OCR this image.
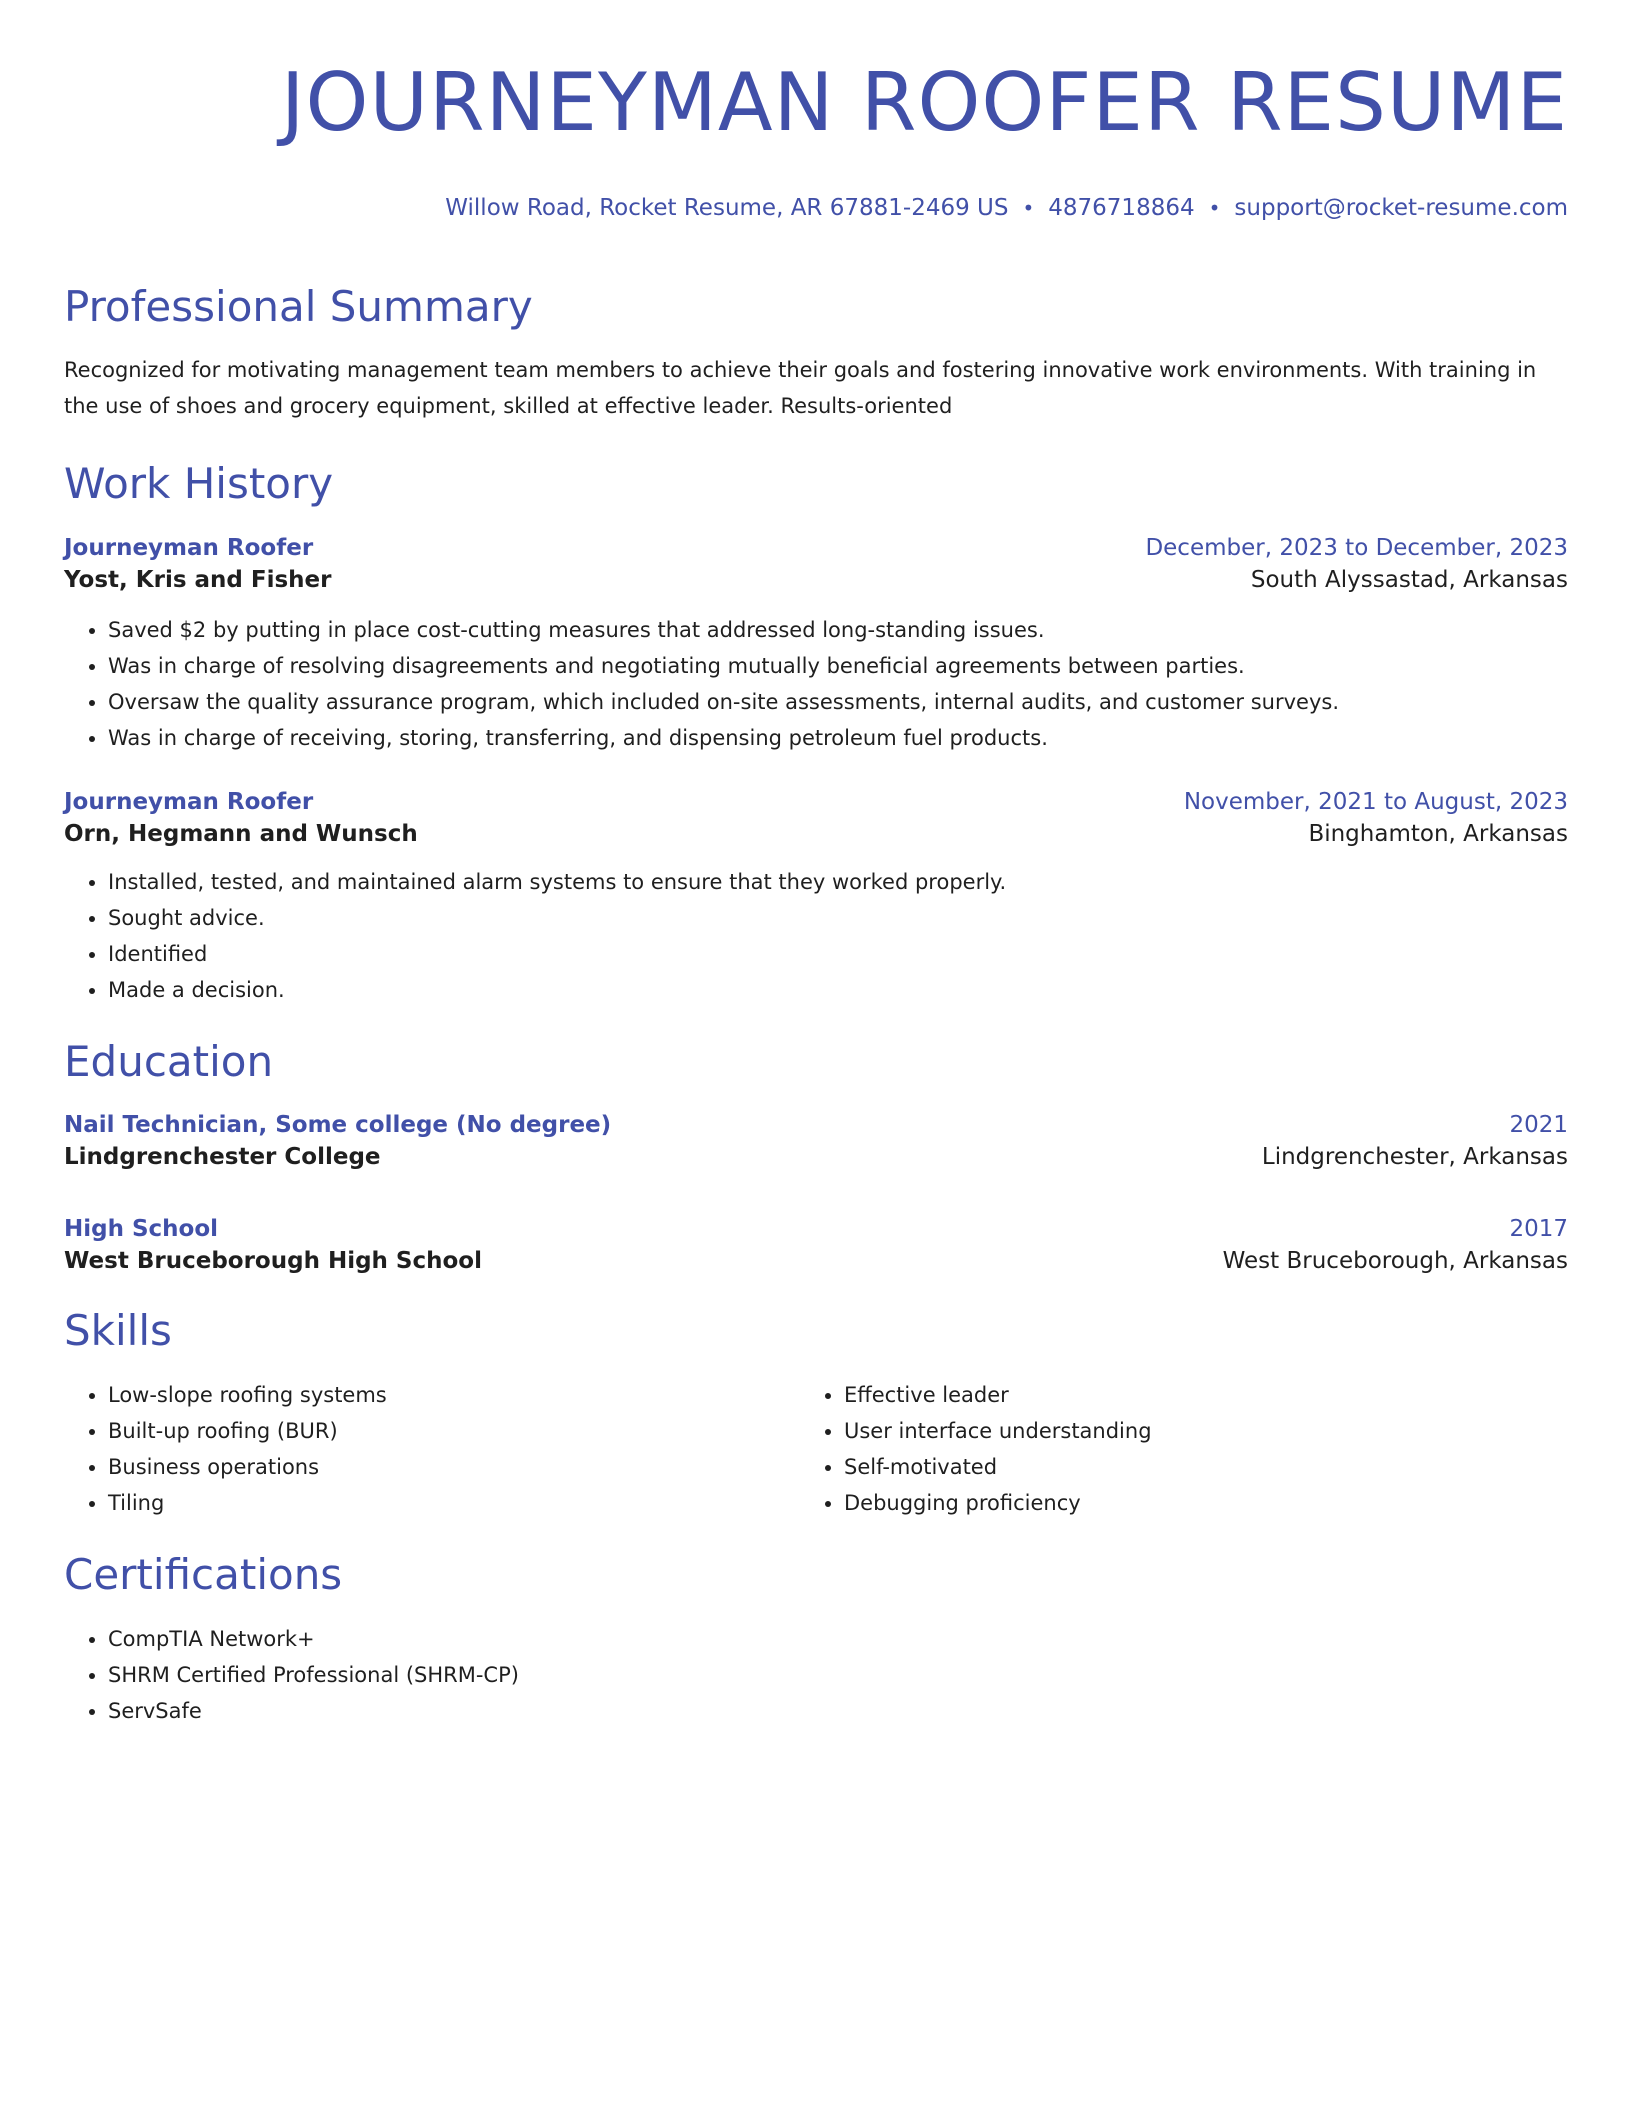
JOURNEYMAN ROOFER RESUME
Willow Road, Rocket Resume, AR 67881-2469 US • 4876718864 • support@rocket-resume.com
Professional Summary

Recognized for motivating management team members to achieve their goals and fostering innovative work environments. With training in the use of shoes and grocery equipment, skilled at effective leader. Results-oriented

Work History
Journeyman Roofer	December, 2023 to December, 2023
Yost, Kris and Fisher	South Alyssastad, Arkansas
• Saved $2 by putting in place cost-cutting measures that addressed long-standing issues.
• Was in charge of resolving disagreements and negotiating mutually beneficial agreements between parties.
• Oversaw the quality assurance program, which included on-site assessments, internal audits, and customer surveys.
• Was in charge of receiving, storing, transferring, and dispensing petroleum fuel products.
Journeyman Roofer	November, 2021 to August, 2023
Orn, Hegmann and Wunsch	Binghamton, Arkansas
• Installed, tested, and maintained alarm systems to ensure that they worked properly.
• Sought advice.
• Identified
• Made a decision.
Education
Nail Technician, Some college (No degree)	2021
Lindgrenchester College	Lindgrenchester, Arkansas
High School	2017
West Bruceborough High School	West Bruceborough, Arkansas
Skills
• Low-slope roofing systems
• Built-up roofing (BUR)
• Business operations
• Tiling
• Effective leader
• User interface understanding
• Self-motivated
• Debugging proficiency
Certifications
• CompTIA Network+
• SHRM Certified Professional (SHRM-CP)
• ServSafe
